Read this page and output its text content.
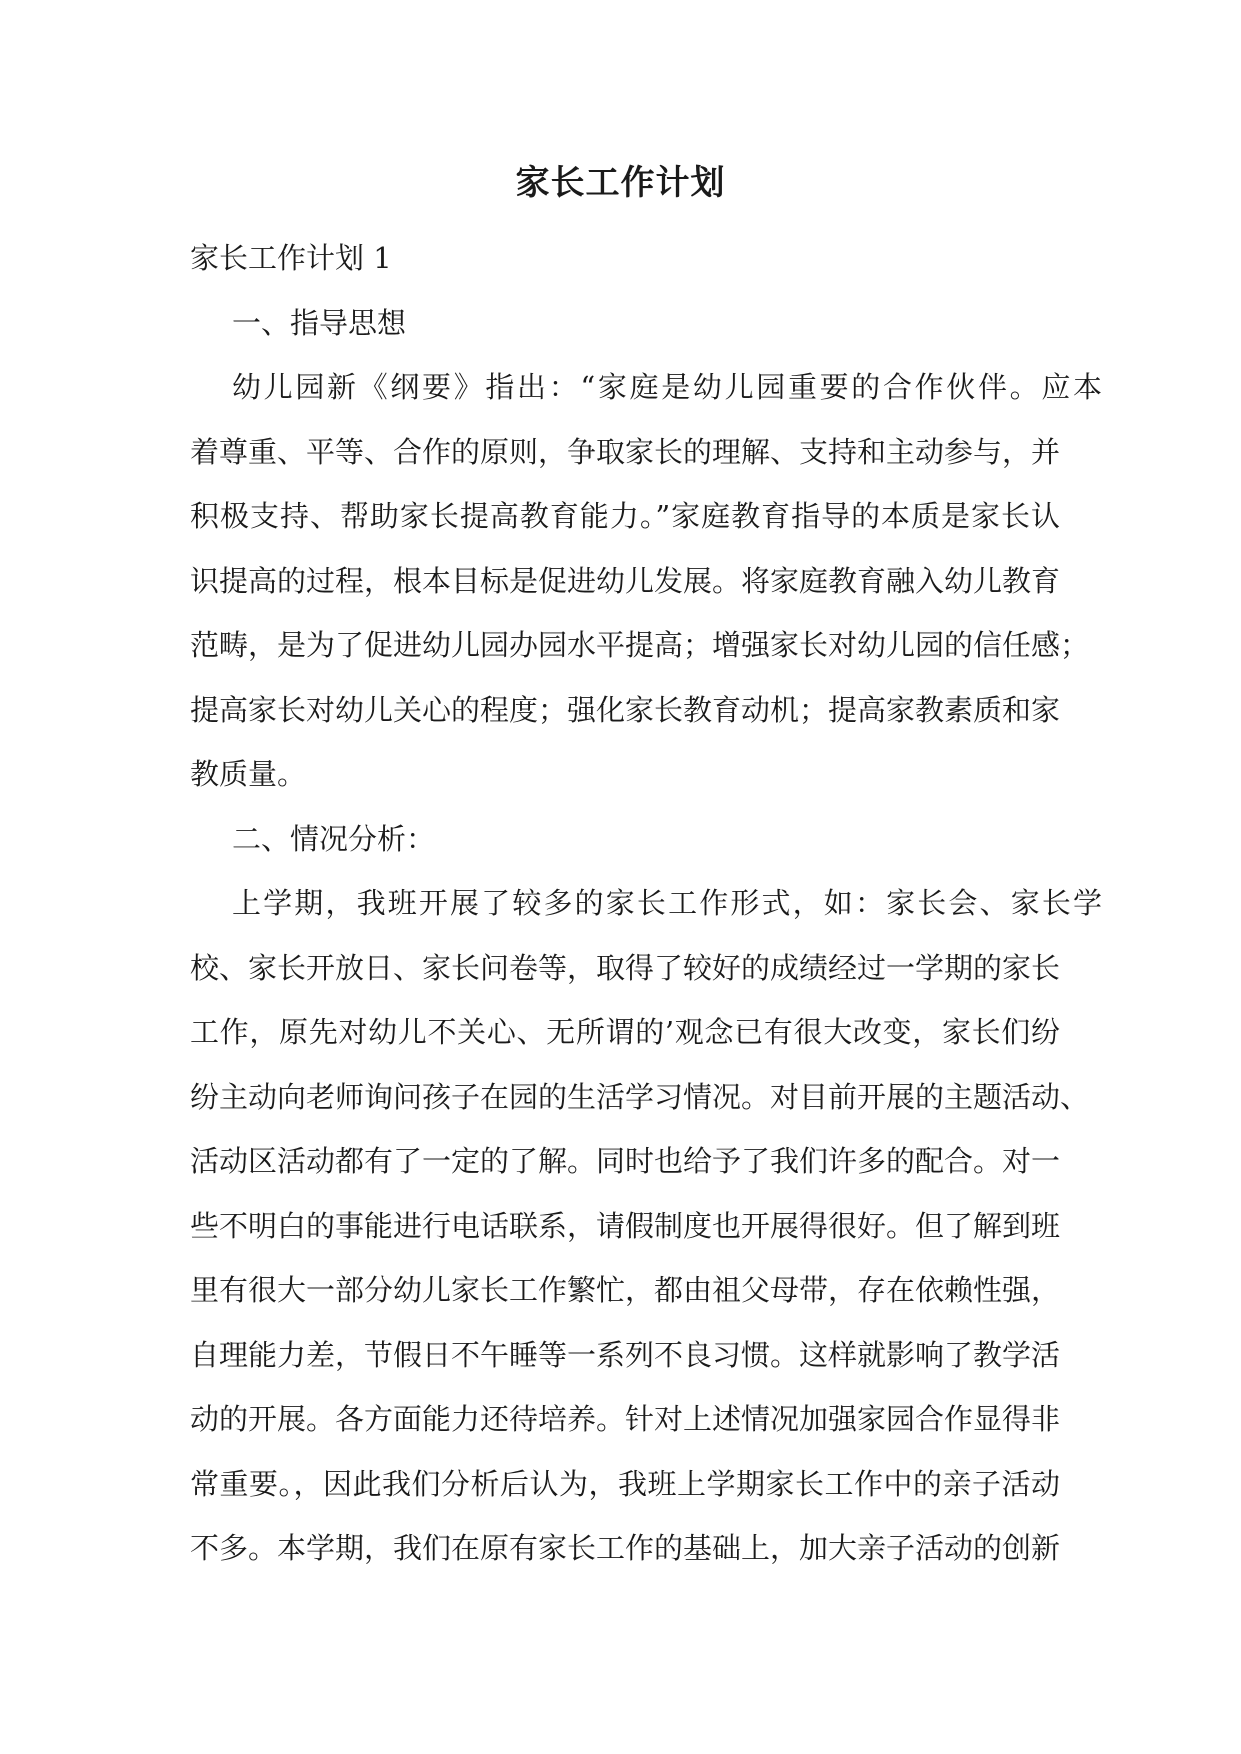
家长工作计划
家长工作计划 1
一、指导思想
幼儿园新《纲要》指出：“家庭是幼儿园重要的合作伙伴。应本
着尊重、平等、合作的原则，争取家长的理解、支持和主动参与，并
积极支持、帮助家长提高教育能力。”家庭教育指导的本质是家长认
识提高的过程，根本目标是促进幼儿发展。将家庭教育融入幼儿教育
范畴，是为了促进幼儿园办园水平提高；增强家长对幼儿园的信任感；
提高家长对幼儿关心的程度；强化家长教育动机；提高家教素质和家
教质量。
二、情况分析：
上学期，我班开展了较多的家长工作形式，如：家长会、家长学
校、家长开放日、家长问卷等，取得了较好的成绩经过一学期的家长
工作，原先对幼儿不关心、无所谓的’观念已有很大改变，家长们纷
纷主动向老师询问孩子在园的生活学习情况。对目前开展的主题活动、
活动区活动都有了一定的了解。同时也给予了我们许多的配合。对一
些不明白的事能进行电话联系，请假制度也开展得很好。但了解到班
里有很大一部分幼儿家长工作繁忙，都由祖父母带，存在依赖性强，
自理能力差，节假日不午睡等一系列不良习惯。这样就影响了教学活
动的开展。各方面能力还待培养。针对上述情况加强家园合作显得非
常重要。，因此我们分析后认为，我班上学期家长工作中的亲子活动
不多。本学期，我们在原有家长工作的基础上，加大亲子活动的创新
